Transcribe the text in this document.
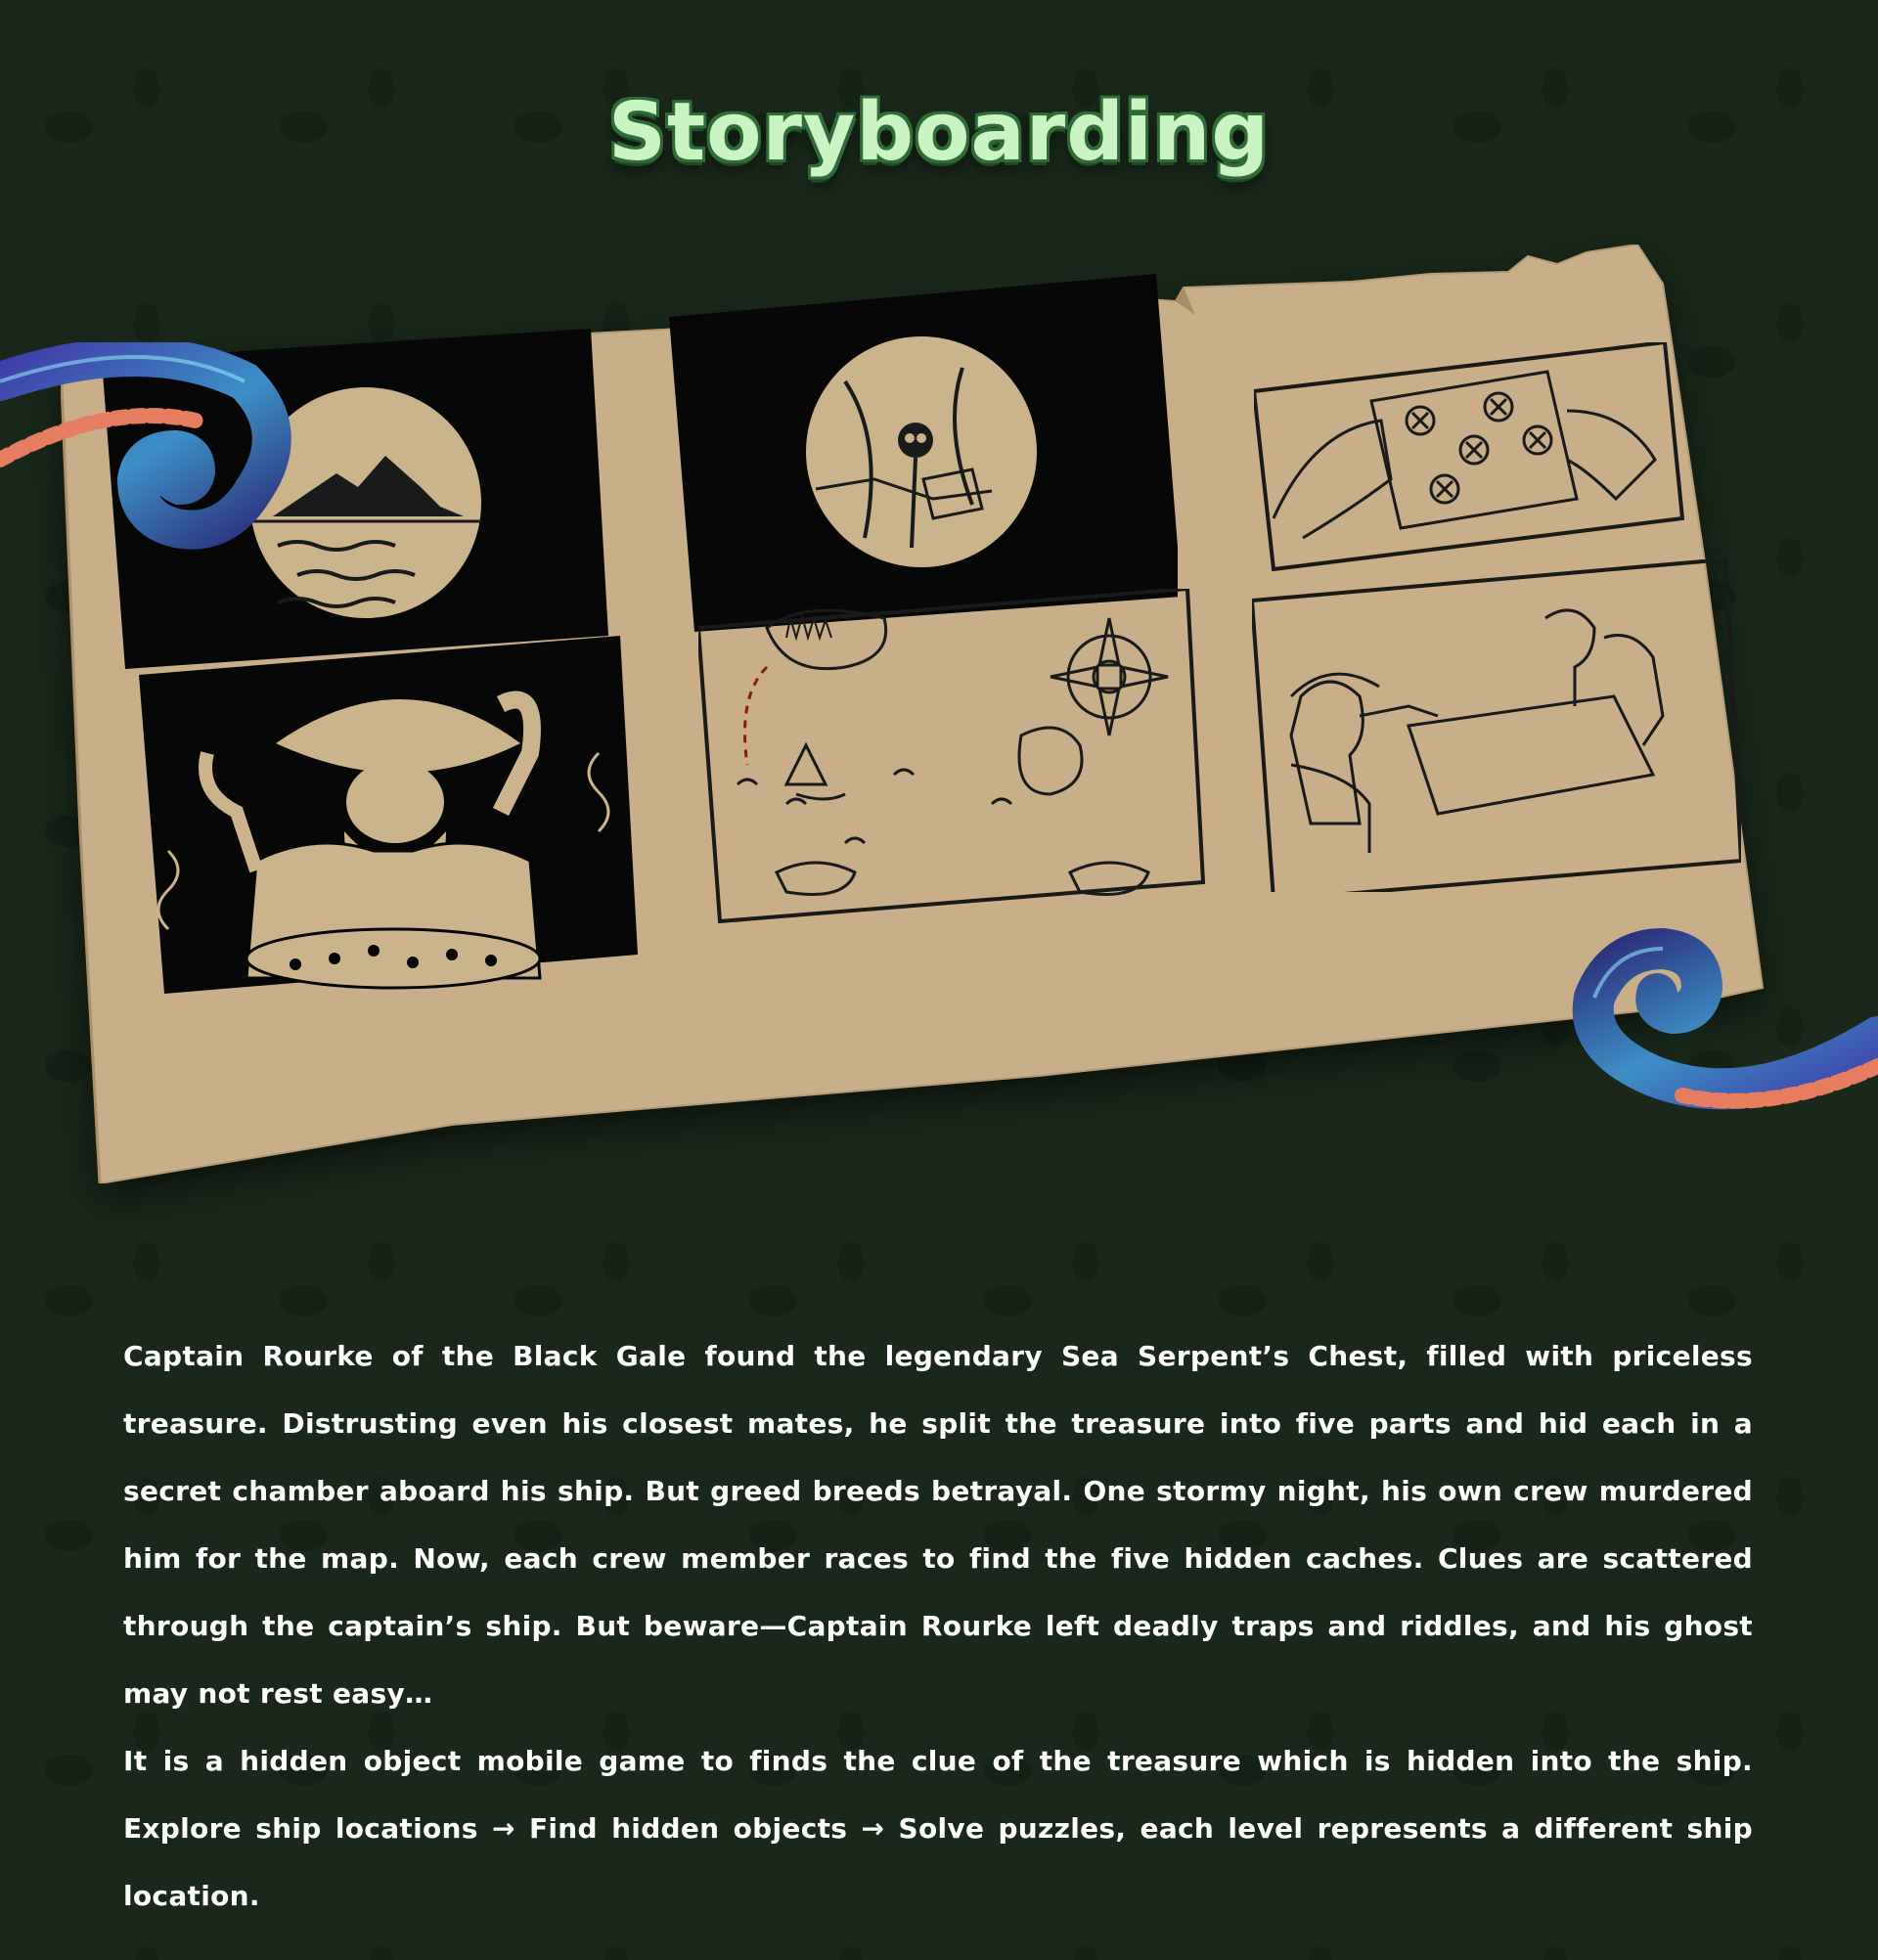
Storyboarding

Captain Rourke of the Black Gale found the legendary Sea Serpent’s Chest, filled with priceless treasure. Distrusting even his closest mates, he split the treasure into five parts and hid each in a secret chamber aboard his ship. But greed breeds betrayal. One stormy night, his own crew murdered him for the map. Now, each crew member races to find the five hidden caches. Clues are scattered through the captain’s ship. But beware—Captain Rourke left deadly traps and riddles, and his ghost may not rest easy…

It is a hidden object mobile game to finds the clue of the treasure which is hidden into the ship. Explore ship locations → Find hidden objects → Solve puzzles, each level represents a different ship location.
